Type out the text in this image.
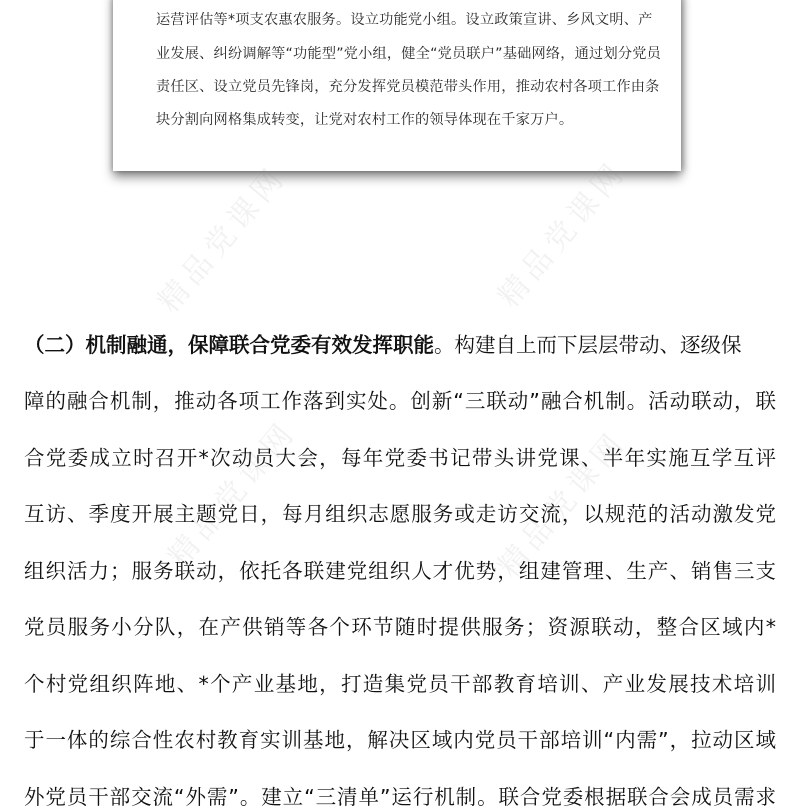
运营评估等*项支农惠农服务。设立功能党小组。设立政策宣讲、乡风文明、产
业发展、纠纷调解等“功能型”党小组，健全“党员联户”基础网络，通过划分党员
责任区、设立党员先锋岗，充分发挥党员模范带头作用，推动农村各项工作由条
块分割向网格集成转变，让党对农村工作的领导体现在千家万户。
精品党课网	精品党课网
精品党课网	精品党课网
（二）机制融通，保障联合党委有效发挥职能。构建自上而下层层带动、逐级保
障的融合机制，推动各项工作落到实处。创新“三联动”融合机制。活动联动，联
合党委成立时召开*次动员大会，每年党委书记带头讲党课、半年实施互学互评
互访、季度开展主题党日，每月组织志愿服务或走访交流，以规范的活动激发党
组织活力；服务联动，依托各联建党组织人才优势，组建管理、生产、销售三支
党员服务小分队，在产供销等各个环节随时提供服务；资源联动，整合区域内*
个村党组织阵地、*个产业基地，打造集党员干部教育培训、产业发展技术培训
于一体的综合性农村教育实训基地，解决区域内党员干部培训“内需”，拉动区域
外党员干部交流“外需”。建立“三清单”运行机制。联合党委根据联合会成员需求
